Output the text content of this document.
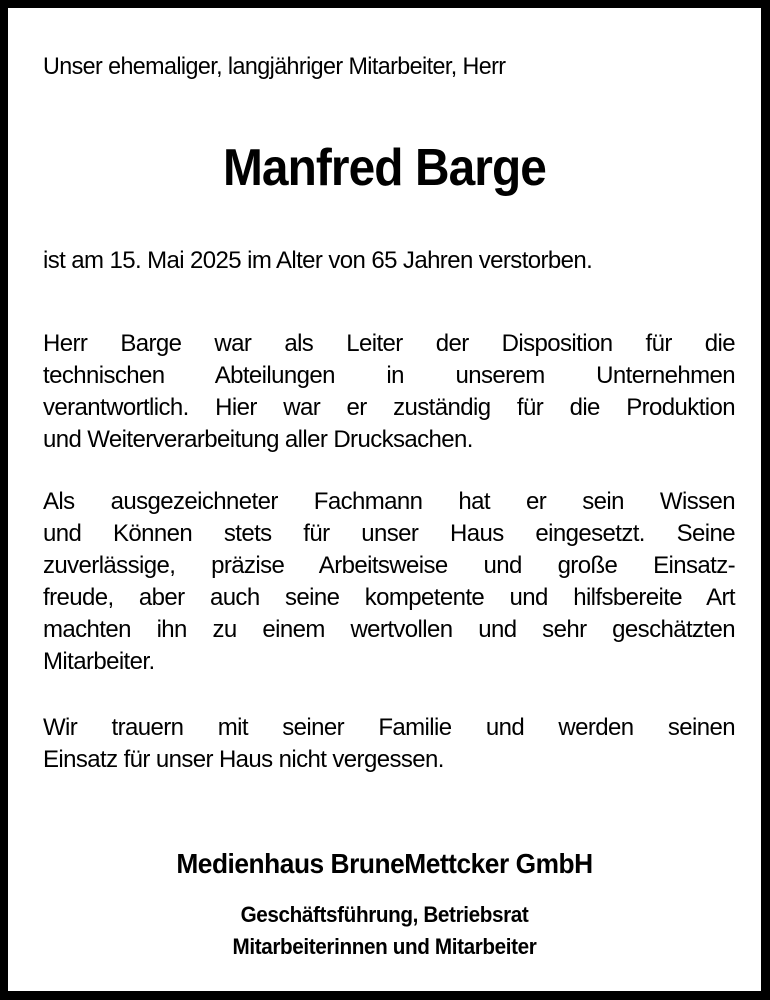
Unser ehemaliger, langjähriger Mitarbeiter, Herr
Manfred Barge
ist am 15. Mai 2025 im Alter von 65 Jahren verstorben.
Herr Barge war als Leiter der Disposition für die
technischen Abteilungen in unserem Unternehmen
verantwortlich. Hier war er zuständig für die Produktion
und Weiterverarbeitung aller Drucksachen.
Als ausgezeichneter Fachmann hat er sein Wissen
und Können stets für unser Haus eingesetzt. Seine
zuverlässige, präzise Arbeitsweise und große Einsatz-
freude, aber auch seine kompetente und hilfsbereite Art
machten ihn zu einem wertvollen und sehr geschätzten
Mitarbeiter.
Wir trauern mit seiner Familie und werden seinen
Einsatz für unser Haus nicht vergessen.
Medienhaus BruneMettcker GmbH
Geschäftsführung, Betriebsrat
Mitarbeiterinnen und Mitarbeiter
